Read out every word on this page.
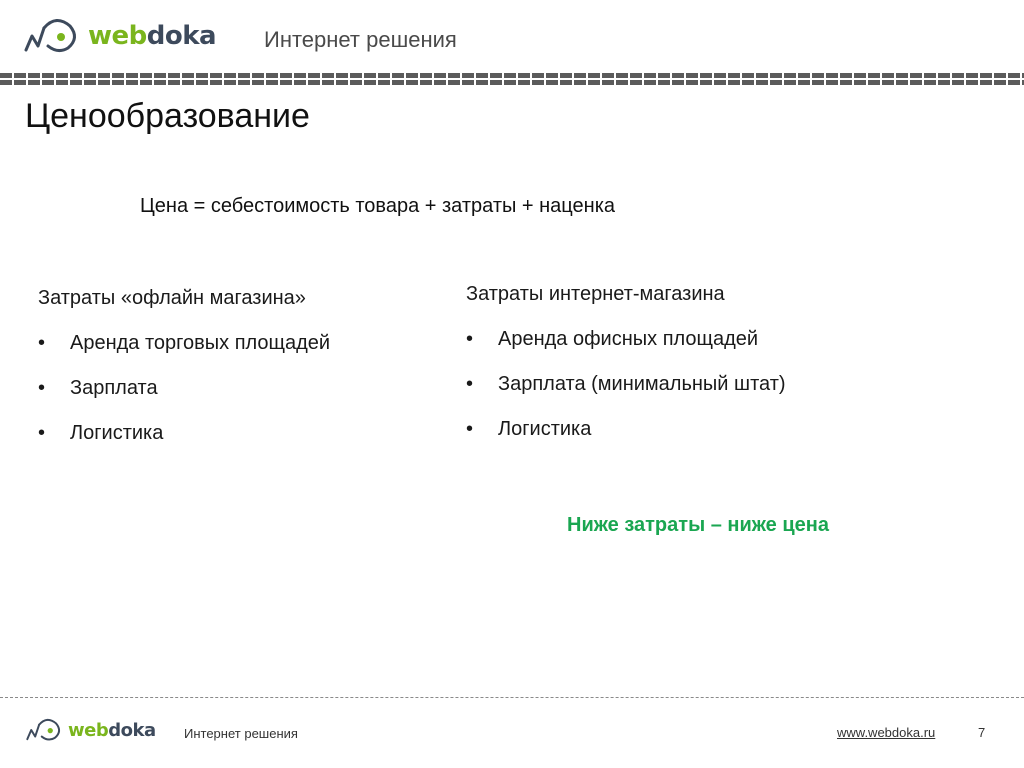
webdoka Интернет решения
Ценообразование
Цена = себестоимость товара + затраты + наценка
Затраты «офлайн магазина»
• Аренда торговых площадей
• Зарплата
• Логистика
Затраты интернет-магазина
• Аренда офисных площадей
• Зарплата (минимальный штат)
• Логистика
Ниже затраты – ниже цена
webdoka Интернет решения	www.webdoka.ru	7
